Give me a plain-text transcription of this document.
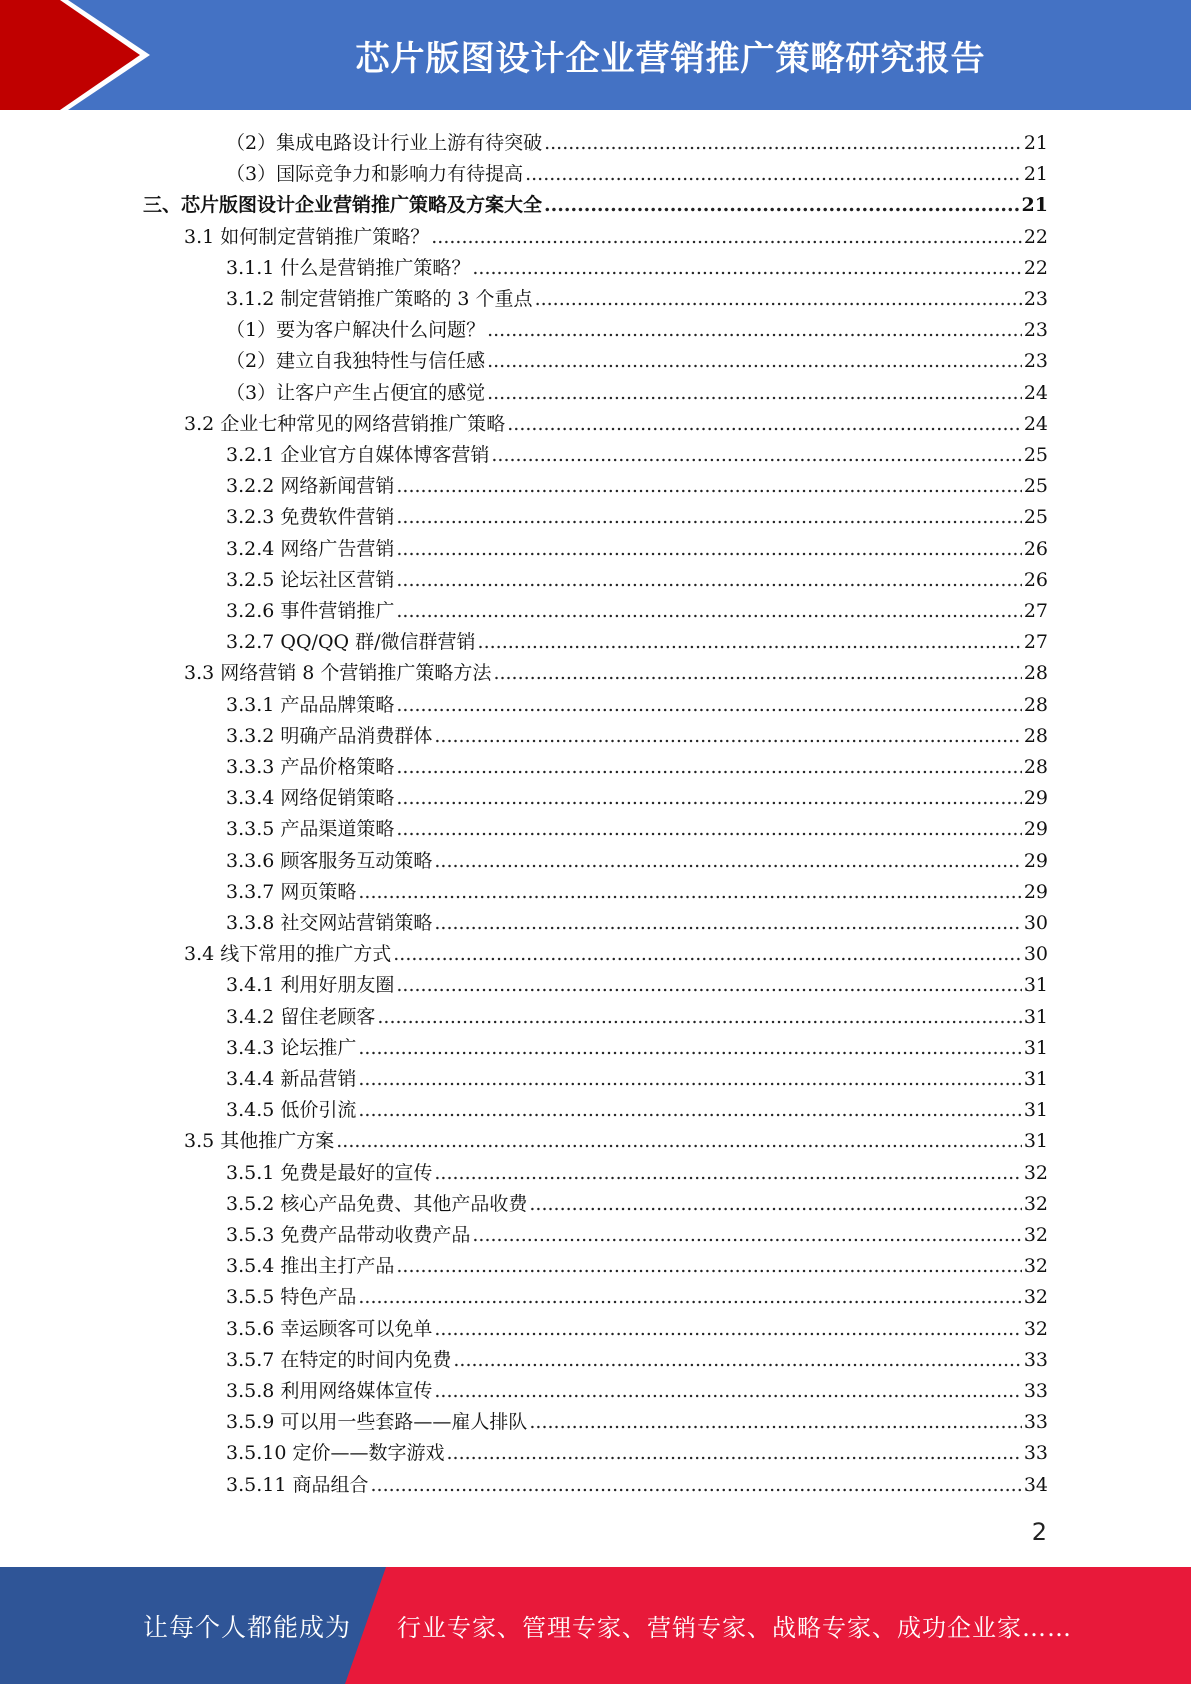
芯片版图设计企业营销推广策略研究报告
（2）集成电路设计行业上游有待突破 .....	21
（3）国际竞争力和影响力有待提高 .....	21
三、芯片版图设计企业营销推广策略及方案大全 .....	21
3.1 如何制定营销推广策略？ .....	22
3.1.1 什么是营销推广策略？ .....	22
3.1.2 制定营销推广策略的 3 个重点 .....	23
（1）要为客户解决什么问题？ .....	23
（2）建立自我独特性与信任感 .....	23
（3）让客户产生占便宜的感觉 .....	24
3.2 企业七种常见的网络营销推广策略 .....	24
3.2.1 企业官方自媒体博客营销 .....	25
3.2.2 网络新闻营销 .....	25
3.2.3 免费软件营销 .....	25
3.2.4 网络广告营销 .....	26
3.2.5 论坛社区营销 .....	26
3.2.6 事件营销推广 .....	27
3.2.7 QQ/QQ 群/微信群营销 .....	27
3.3 网络营销 8 个营销推广策略方法 .....	28
3.3.1 产品品牌策略 .....	28
3.3.2 明确产品消费群体 .....	28
3.3.3 产品价格策略 .....	28
3.3.4 网络促销策略 .....	29
3.3.5 产品渠道策略 .....	29
3.3.6 顾客服务互动策略 .....	29
3.3.7 网页策略 .....	29
3.3.8 社交网站营销策略 .....	30
3.4 线下常用的推广方式 .....	30
3.4.1 利用好朋友圈 .....	31
3.4.2 留住老顾客 .....	31
3.4.3 论坛推广 .....	31
3.4.4 新品营销 .....	31
3.4.5 低价引流 .....	31
3.5 其他推广方案 .....	31
3.5.1 免费是最好的宣传 .....	32
3.5.2 核心产品免费、其他产品收费 .....	32
3.5.3 免费产品带动收费产品 .....	32
3.5.4 推出主打产品 .....	32
3.5.5 特色产品 .....	32
3.5.6 幸运顾客可以免单 .....	32
3.5.7 在特定的时间内免费 .....	33
3.5.8 利用网络媒体宣传 .....	33
3.5.9 可以用一些套路——雇人排队 .....	33
3.5.10 定价——数字游戏 .....	33
3.5.11 商品组合 .....	34
2
让每个人都能成为 行业专家、管理专家、营销专家、战略专家、成功企业家……
